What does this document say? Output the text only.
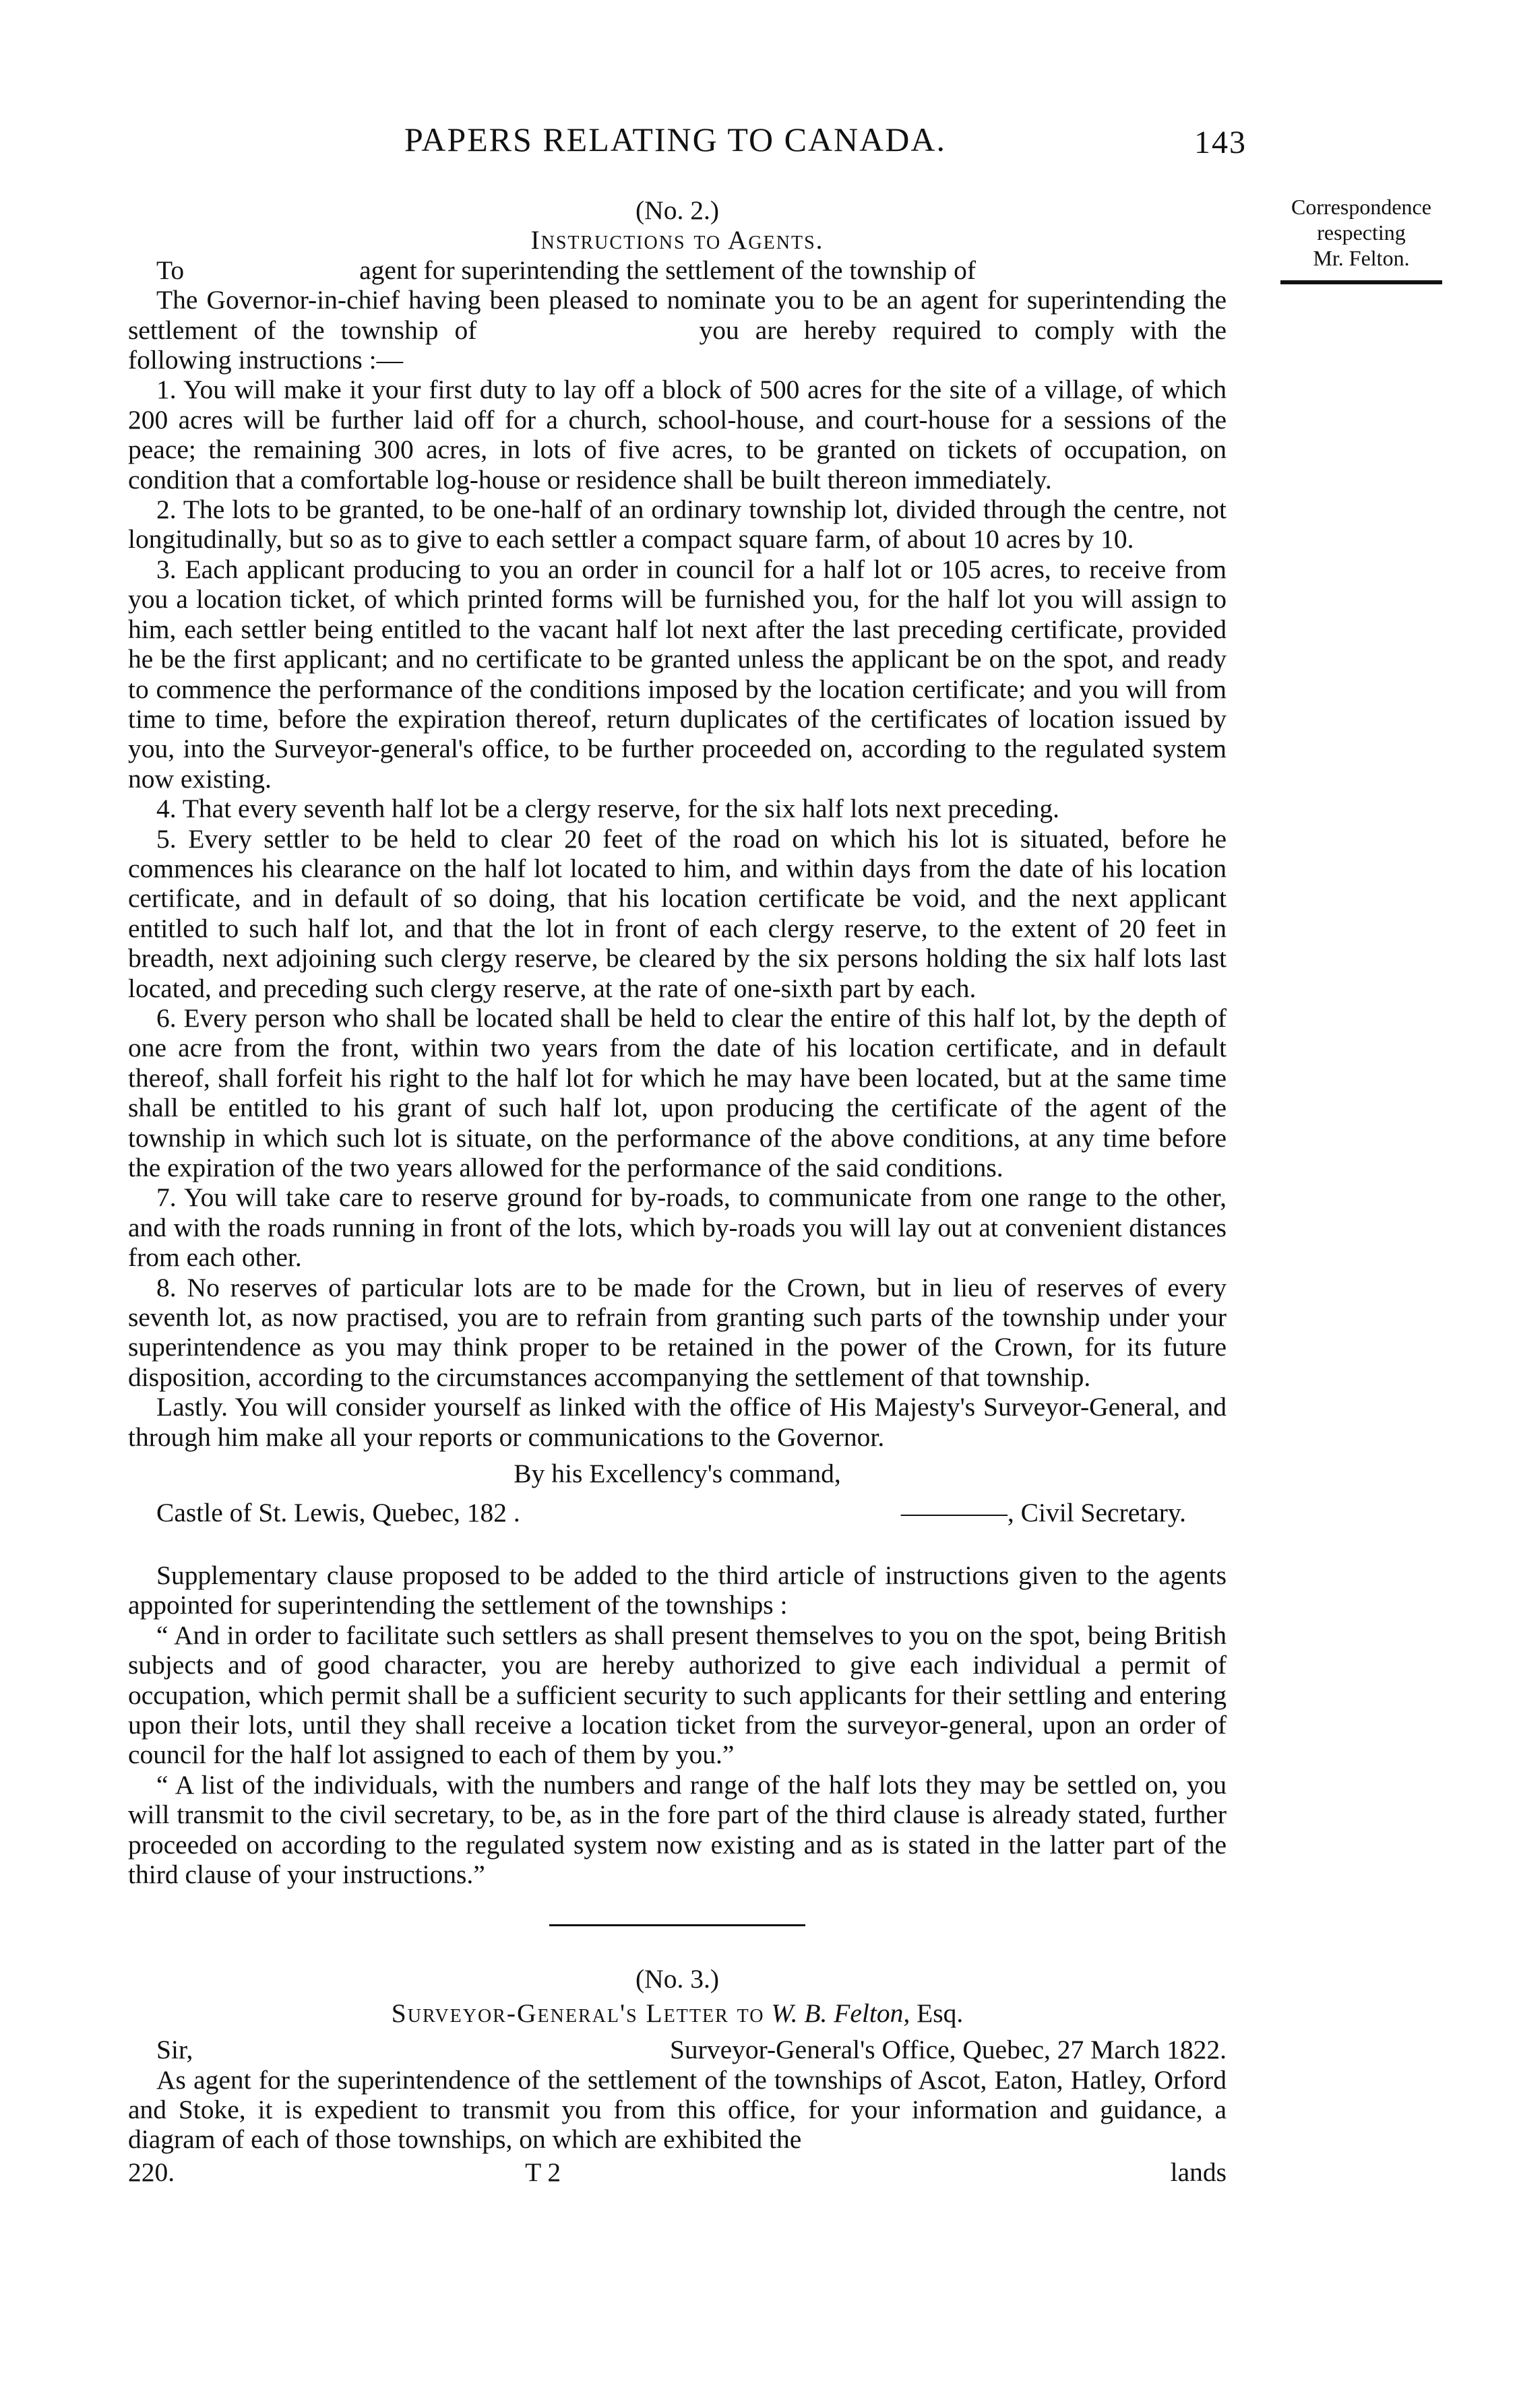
PAPERS RELATING TO CANADA.	143
Correspondence
respecting
Mr. Felton.
(No. 2.)
Instructions to Agents.

To	agent for superintending the settlement of the township of

The Governor-in-chief having been pleased to nominate you to be an agent for superintending the settlement of the township of	you are hereby required to comply with the following instructions :—

1. You will make it your first duty to lay off a block of 500 acres for the site of a village, of which 200 acres will be further laid off for a church, school-house, and court-house for a sessions of the peace; the remaining 300 acres, in lots of five acres, to be granted on tickets of occupation, on condition that a comfortable log-house or residence shall be built thereon immediately.

2. The lots to be granted, to be one-half of an ordinary township lot, divided through the centre, not longitudinally, but so as to give to each settler a compact square farm, of about 10 acres by 10.

3. Each applicant producing to you an order in council for a half lot or 105 acres, to receive from you a location ticket, of which printed forms will be furnished you, for the half lot you will assign to him, each settler being entitled to the vacant half lot next after the last preceding certificate, provided he be the first applicant; and no certificate to be granted unless the applicant be on the spot, and ready to commence the performance of the conditions imposed by the location certificate; and you will from time to time, before the expiration thereof, return duplicates of the certificates of location issued by you, into the Surveyor-general's office, to be further proceeded on, according to the regulated system now existing.

4. That every seventh half lot be a clergy reserve, for the six half lots next preceding.

5. Every settler to be held to clear 20 feet of the road on which his lot is situated, before he commences his clearance on the half lot located to him, and within days from the date of his location certificate, and in default of so doing, that his location certificate be void, and the next applicant entitled to such half lot, and that the lot in front of each clergy reserve, to the extent of 20 feet in breadth, next adjoining such clergy reserve, be cleared by the six persons holding the six half lots last located, and preceding such clergy reserve, at the rate of one-sixth part by each.

6. Every person who shall be located shall be held to clear the entire of this half lot, by the depth of one acre from the front, within two years from the date of his location certificate, and in default thereof, shall forfeit his right to the half lot for which he may have been located, but at the same time shall be entitled to his grant of such half lot, upon producing the certificate of the agent of the township in which such lot is situate, on the performance of the above conditions, at any time before the expiration of the two years allowed for the performance of the said conditions.

7. You will take care to reserve ground for by-roads, to communicate from one range to the other, and with the roads running in front of the lots, which by-roads you will lay out at convenient distances from each other.

8. No reserves of particular lots are to be made for the Crown, but in lieu of reserves of every seventh lot, as now practised, you are to refrain from granting such parts of the township under your superintendence as you may think proper to be retained in the power of the Crown, for its future disposition, according to the circumstances accompanying the settlement of that township.

Lastly. You will consider yourself as linked with the office of His Majesty's Surveyor-General, and through him make all your reports or communications to the Governor.

By his Excellency's command,
Castle of St. Lewis, Quebec, 182 .	————, Civil Secretary.

Supplementary clause proposed to be added to the third article of instructions given to the agents appointed for superintending the settlement of the townships :

“ And in order to facilitate such settlers as shall present themselves to you on the spot, being British subjects and of good character, you are hereby authorized to give each individual a permit of occupation, which permit shall be a sufficient security to such applicants for their settling and entering upon their lots, until they shall receive a location ticket from the surveyor-general, upon an order of council for the half lot assigned to each of them by you.”

“ A list of the individuals, with the numbers and range of the half lots they may be settled on, you will transmit to the civil secretary, to be, as in the fore part of the third clause is already stated, further proceeded on according to the regulated system now existing and as is stated in the latter part of the third clause of your instructions.”

(No. 3.)
Surveyor-General's Letter to W. B. Felton, Esq.
Sir,	Surveyor-General's Office, Quebec, 27 March 1822.

As agent for the superintendence of the settlement of the townships of Ascot, Eaton, Hatley, Orford and Stoke, it is expedient to transmit you from this office, for your information and guidance, a diagram of each of those townships, on which are exhibited the

220.	T 2	lands
